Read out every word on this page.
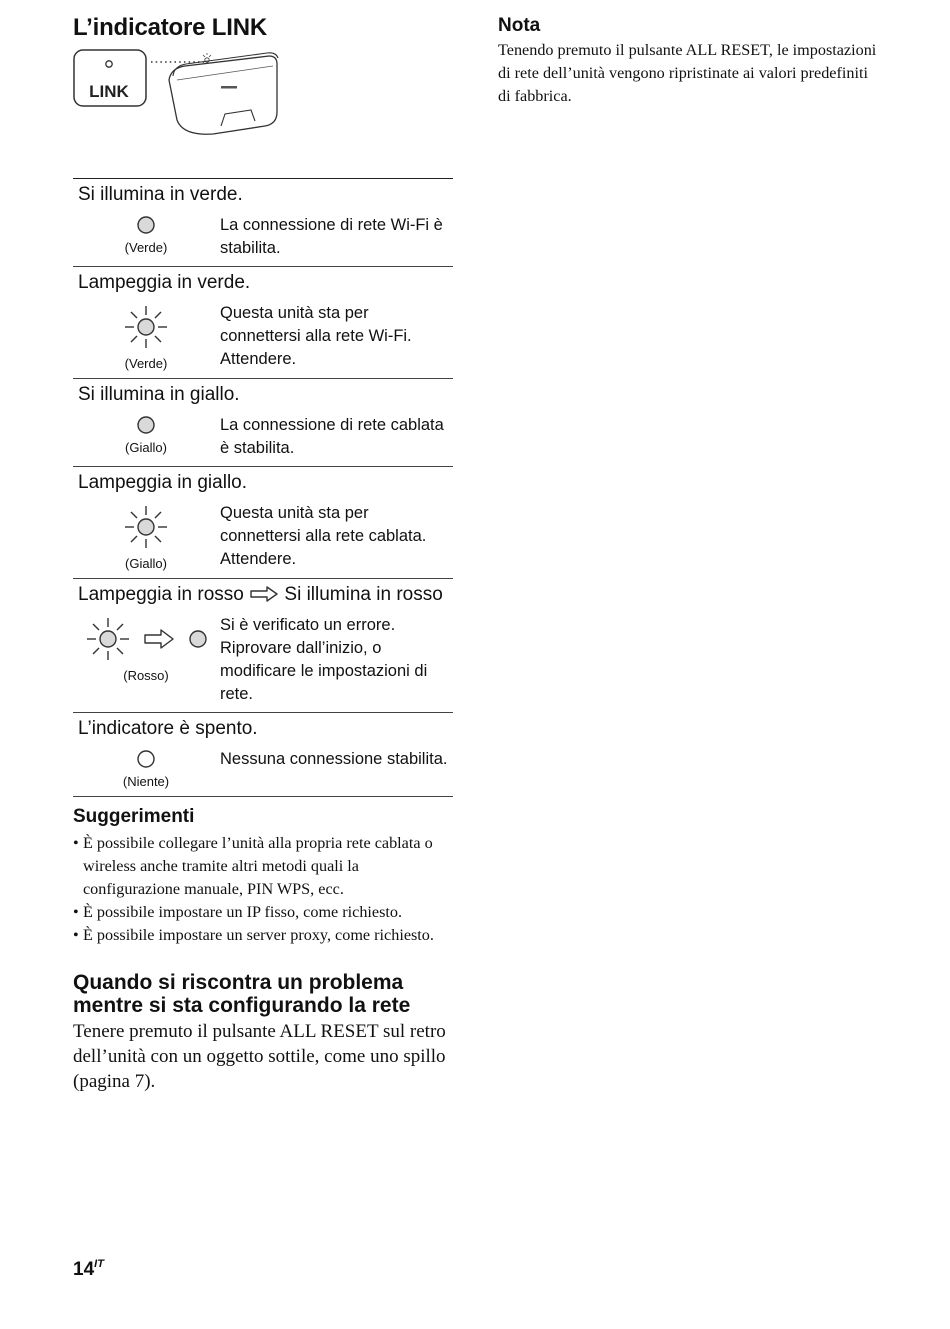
L’indicatore LINK
LINK
Si illumina in verde.
(Verde)
La connessione di rete Wi-Fi è stabilita.
Lampeggia in verde.
(Verde)
Questa unità sta per connettersi alla rete Wi-Fi. Attendere.
Si illumina in giallo.
(Giallo)
La connessione di rete cablata è stabilita.
Lampeggia in giallo.
(Giallo)
Questa unità sta per connettersi alla rete cablata. Attendere.
Lampeggia in rosso Si illumina in rosso
(Rosso)
Si è verificato un errore. Riprovare dall’inizio, o modificare le impostazioni di rete.
L’indicatore è spento.
(Niente)
Nessuna connessione stabilita.
Suggerimenti
• È possibile collegare l’unità alla propria rete cablata o wireless anche tramite altri metodi quali la configurazione manuale, PIN WPS, ecc.
• È possibile impostare un IP fisso, come richiesto.
• È possibile impostare un server proxy, come richiesto.
Quando si riscontra un problema mentre si sta configurando la rete

Tenere premuto il pulsante ALL RESET sul retro dell’unità con un oggetto sottile, come uno spillo (pagina 7).

Nota
Tenendo premuto il pulsante ALL RESET, le impostazioni di rete dell’unità vengono ripristinate ai valori predefiniti di fabbrica.
$14^{IT}$
